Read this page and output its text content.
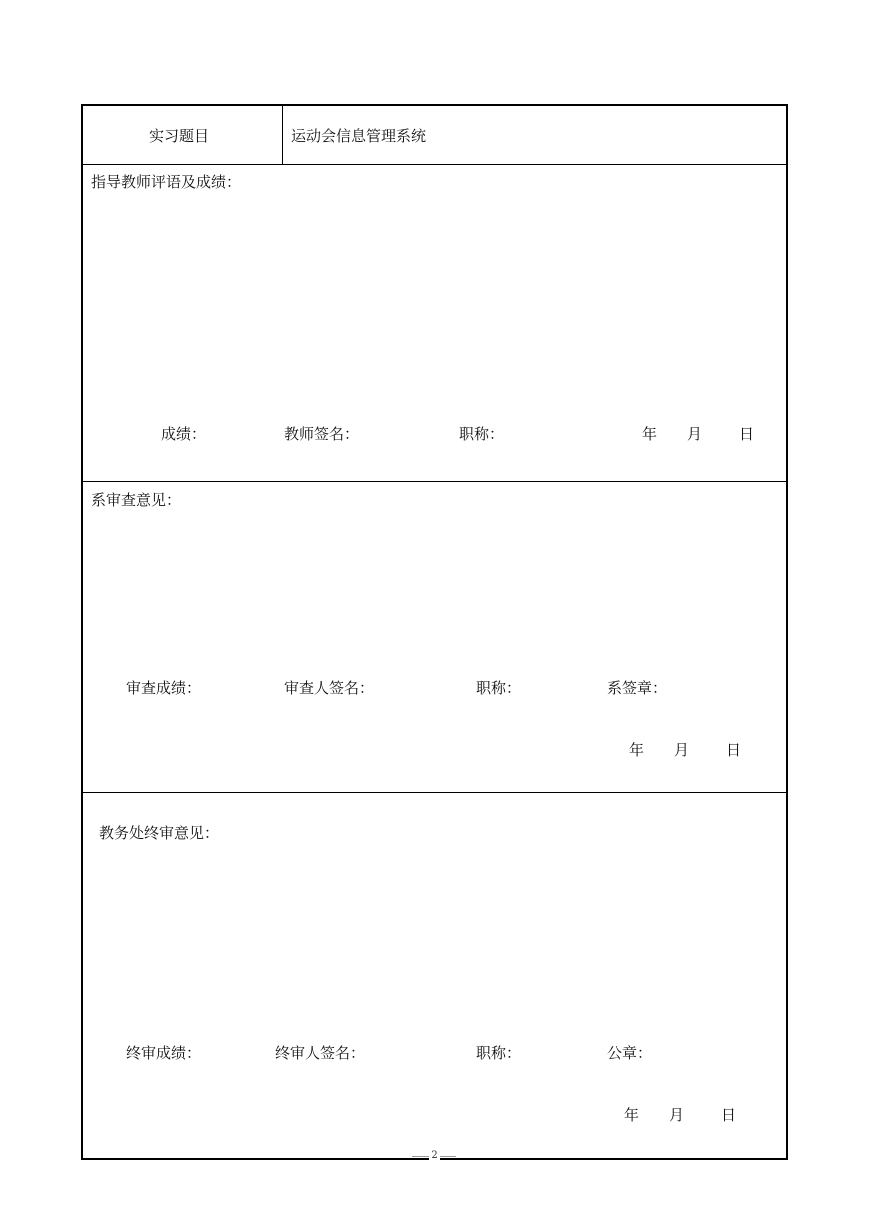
实习题目	运动会信息管理系统
指导教师评语及成绩：
成绩：	教师签名：	职称：	年 月 日
系审查意见：
审查成绩：	审查人签名：	职称：	系签章：
年 月 日
教务处终审意见：
终审成绩：	终审人签名：	职称：	公章：
年 月 日
2
